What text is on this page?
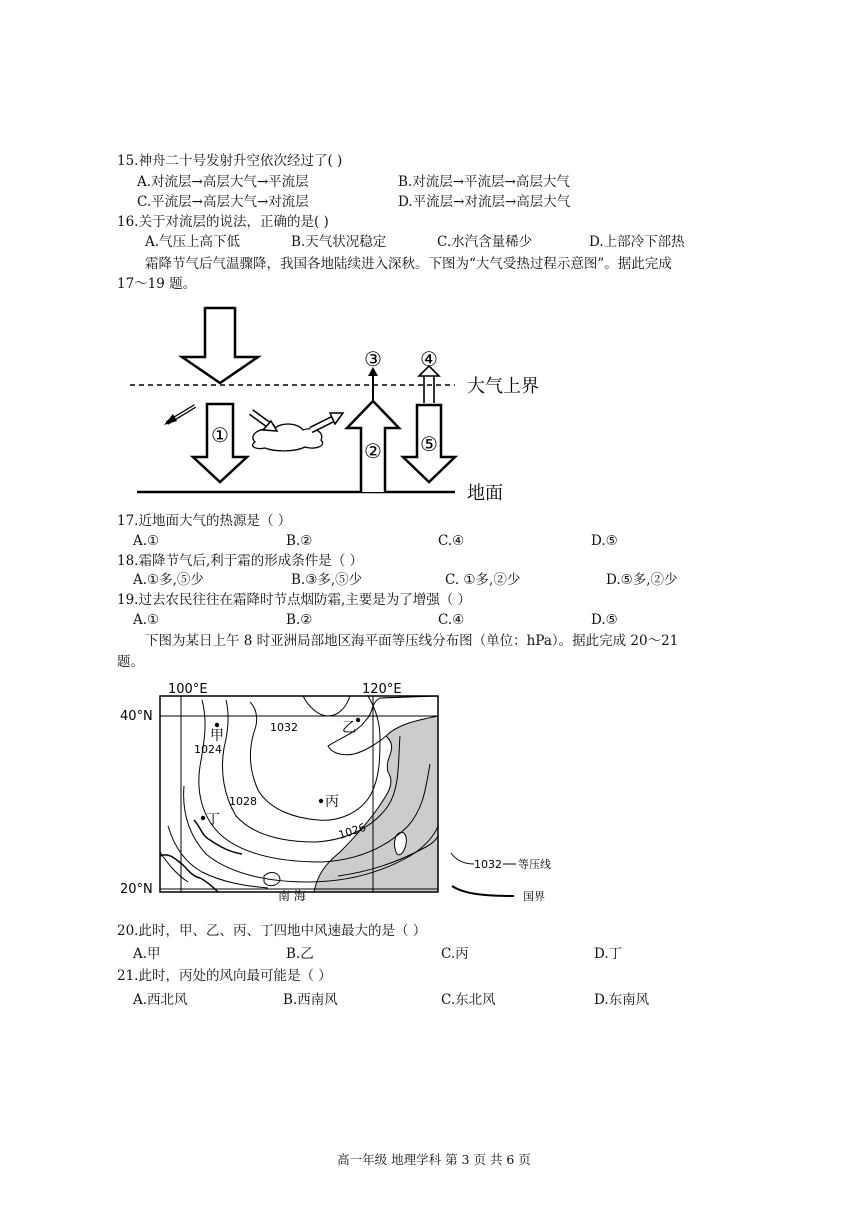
15.神舟二十号发射升空依次经过了( )
A.对流层→高层大气→平流层	B.对流层→平流层→高层大气
C.平流层→高层大气→对流层	D.平流层→对流层→高层大气
16.关于对流层的说法，正确的是( )
A.气压上高下低	B.天气状况稳定	C.水汽含量稀少	D.上部冷下部热
霜降节气后气温骤降，我国各地陆续进入深秋。下图为“大气受热过程示意图”。据此完成
17～19 题。
①
②
③ ④
⑤
大气上界
地面
17.近地面大气的热源是（ ）
A.①	B.②	C.④	D.⑤
18.霜降节气后,利于霜的形成条件是（ ）
A.①多,⑤少	B.③多,⑤少	C. ①多,②少	D.⑤多,②少
19.过去农民往往在霜降时节点烟防霜,主要是为了增强（ ）
A.①	B.②	C.④	D.⑤
下图为某日上午 8 时亚洲局部地区海平面等压线分布图（单位：hPa）。据此完成 20～21
题。
100°E	120°E
40°N
20°N
1032
1024
1028
1026
甲	乙
丙
丁
南 海
1032 等压线
国界
20.此时，甲、乙、丙、丁四地中风速最大的是（ ）
A.甲	B.乙	C.丙	D.丁
21.此时，丙处的风向最可能是（ ）
A.西北风	B.西南风	C.东北风	D.东南风
高一年级 地理学科 第 3 页 共 6 页
